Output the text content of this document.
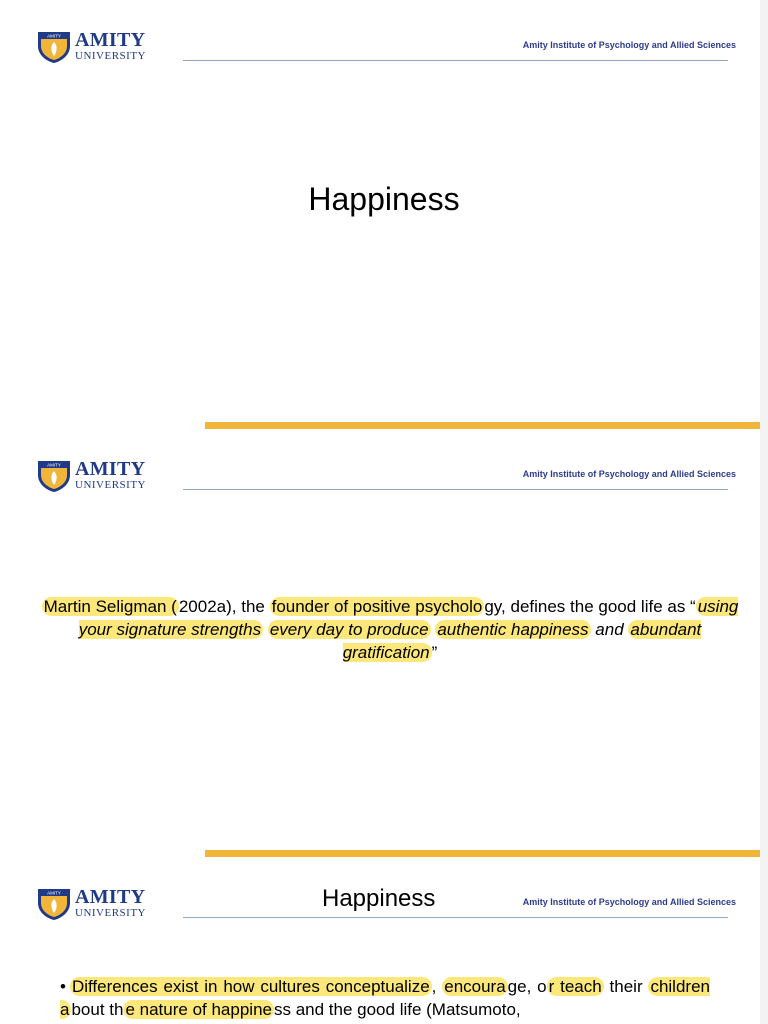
AMITY AMITY
UNIVERSITY
Amity Institute of Psychology and Allied Sciences
Happiness
AMITY AMITY
UNIVERSITY
Amity Institute of Psychology and Allied Sciences
Martin Seligman ( 2002a), the founder of positive psycholo gy, defines the good life as “ using your signature strengths every day to produce authentic happiness and abundant gratification ”
AMITY AMITY
UNIVERSITY
Happiness	Amity Institute of Psychology and Allied Sciences
• Differences exist in how cultures conceptualize , encoura ge, o r teach their children a bout th e nature of happine ss and the good life (Matsumoto,
